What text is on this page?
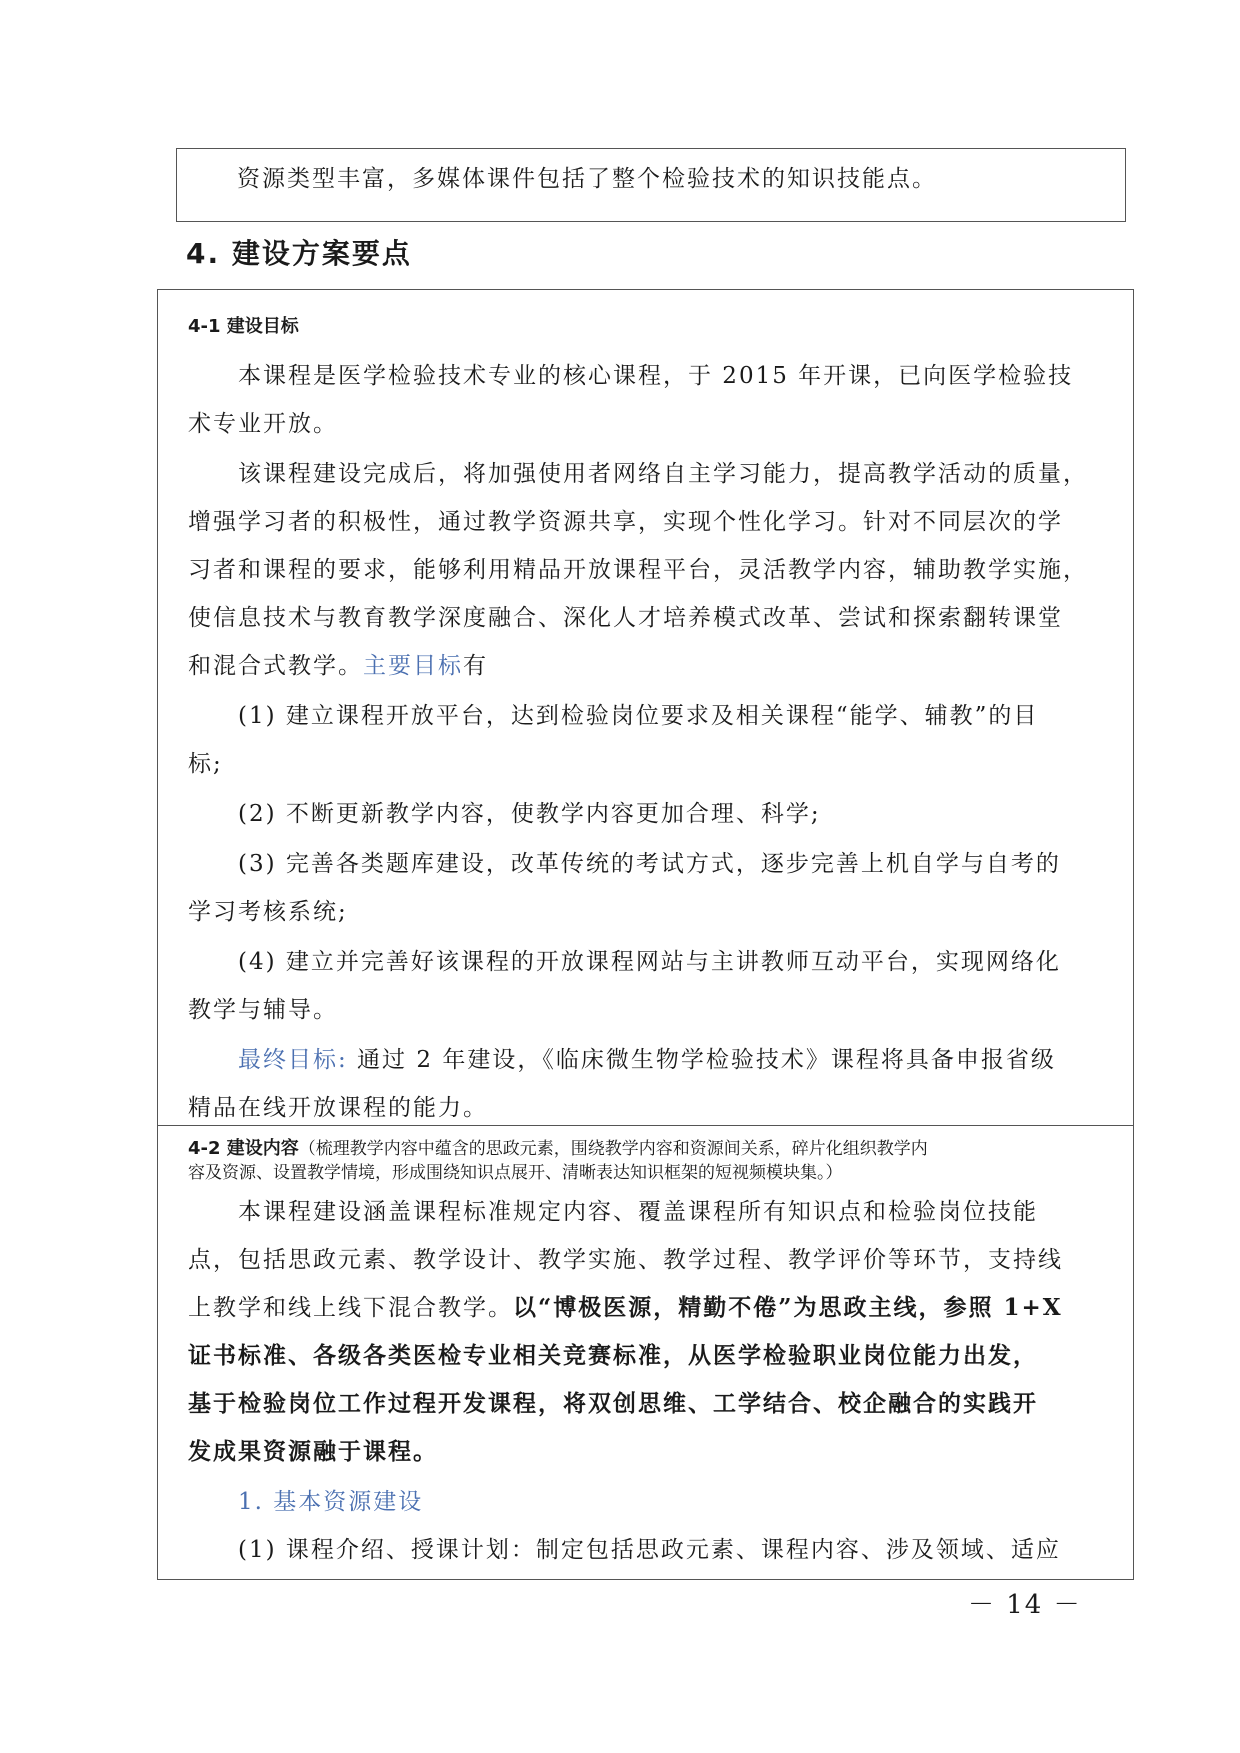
资源类型丰富，多媒体课件包括了整个检验技术的知识技能点。
4. 建设方案要点
4-1 建设目标
本课程是医学检验技术专业的核心课程，于 2015 年开课，已向医学检验技
术专业开放。
该课程建设完成后，将加强使用者网络自主学习能力，提高教学活动的质量，
增强学习者的积极性，通过教学资源共享，实现个性化学习。针对不同层次的学
习者和课程的要求，能够利用精品开放课程平台，灵活教学内容，辅助教学实施，
使信息技术与教育教学深度融合、深化人才培养模式改革、尝试和探索翻转课堂
和混合式教学。主要目标有
(1) 建立课程开放平台，达到检验岗位要求及相关课程“能学、辅教”的目
标;
(2) 不断更新教学内容，使教学内容更加合理、科学;
(3) 完善各类题库建设，改革传统的考试方式，逐步完善上机自学与自考的
学习考核系统;
(4) 建立并完善好该课程的开放课程网站与主讲教师互动平台，实现网络化
教学与辅导。
最终目标: 通过 2 年建设，《临床微生物学检验技术》课程将具备申报省级
精品在线开放课程的能力。
4-2 建设内容（梳理教学内容中蕴含的思政元素，围绕教学内容和资源间关系，碎片化组织教学内
容及资源、设置教学情境，形成围绕知识点展开、清晰表达知识框架的短视频模块集。）
本课程建设涵盖课程标准规定内容、覆盖课程所有知识点和检验岗位技能
点，包括思政元素、教学设计、教学实施、教学过程、教学评价等环节，支持线
上教学和线上线下混合教学。以“博极医源，精勤不倦”为思政主线，参照 1+X
证书标准、各级各类医检专业相关竞赛标准，从医学检验职业岗位能力出发，
基于检验岗位工作过程开发课程，将双创思维、工学结合、校企融合的实践开
发成果资源融于课程。
1. 基本资源建设
(1) 课程介绍、授课计划：制定包括思政元素、课程内容、涉及领域、适应
－ 14 －
